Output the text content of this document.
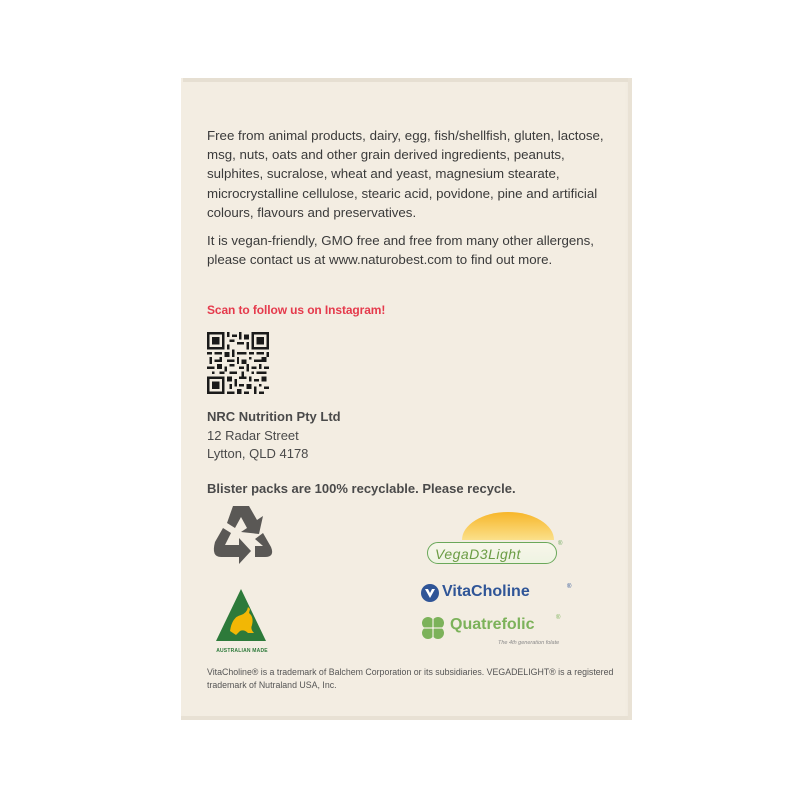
Free from animal products, dairy, egg, fish/shellfish, gluten, lactose, msg, nuts, oats and other grain derived ingredients, peanuts, sulphites, sucralose, wheat and yeast, magnesium stearate, microcrystalline cellulose, stearic acid, povidone, pine and artificial colours, flavours and preservatives.

It is vegan-friendly, GMO free and free from many other allergens, please contact us at www.naturobest.com to find out more.

Scan to follow us on Instagram!
NRC Nutrition Pty Ltd
12 Radar Street
Lytton, QLD 4178
Blister packs are 100% recyclable. Please recycle.
AUSTRALIAN MADE
VegaD3Light
®
VitaCholine	®
Quatrefolic	®
The 4th generation folate
VitaCholine® is a trademark of Balchem Corporation or its subsidiaries. VEGADELIGHT® is a registered trademark of Nutraland USA, Inc.
